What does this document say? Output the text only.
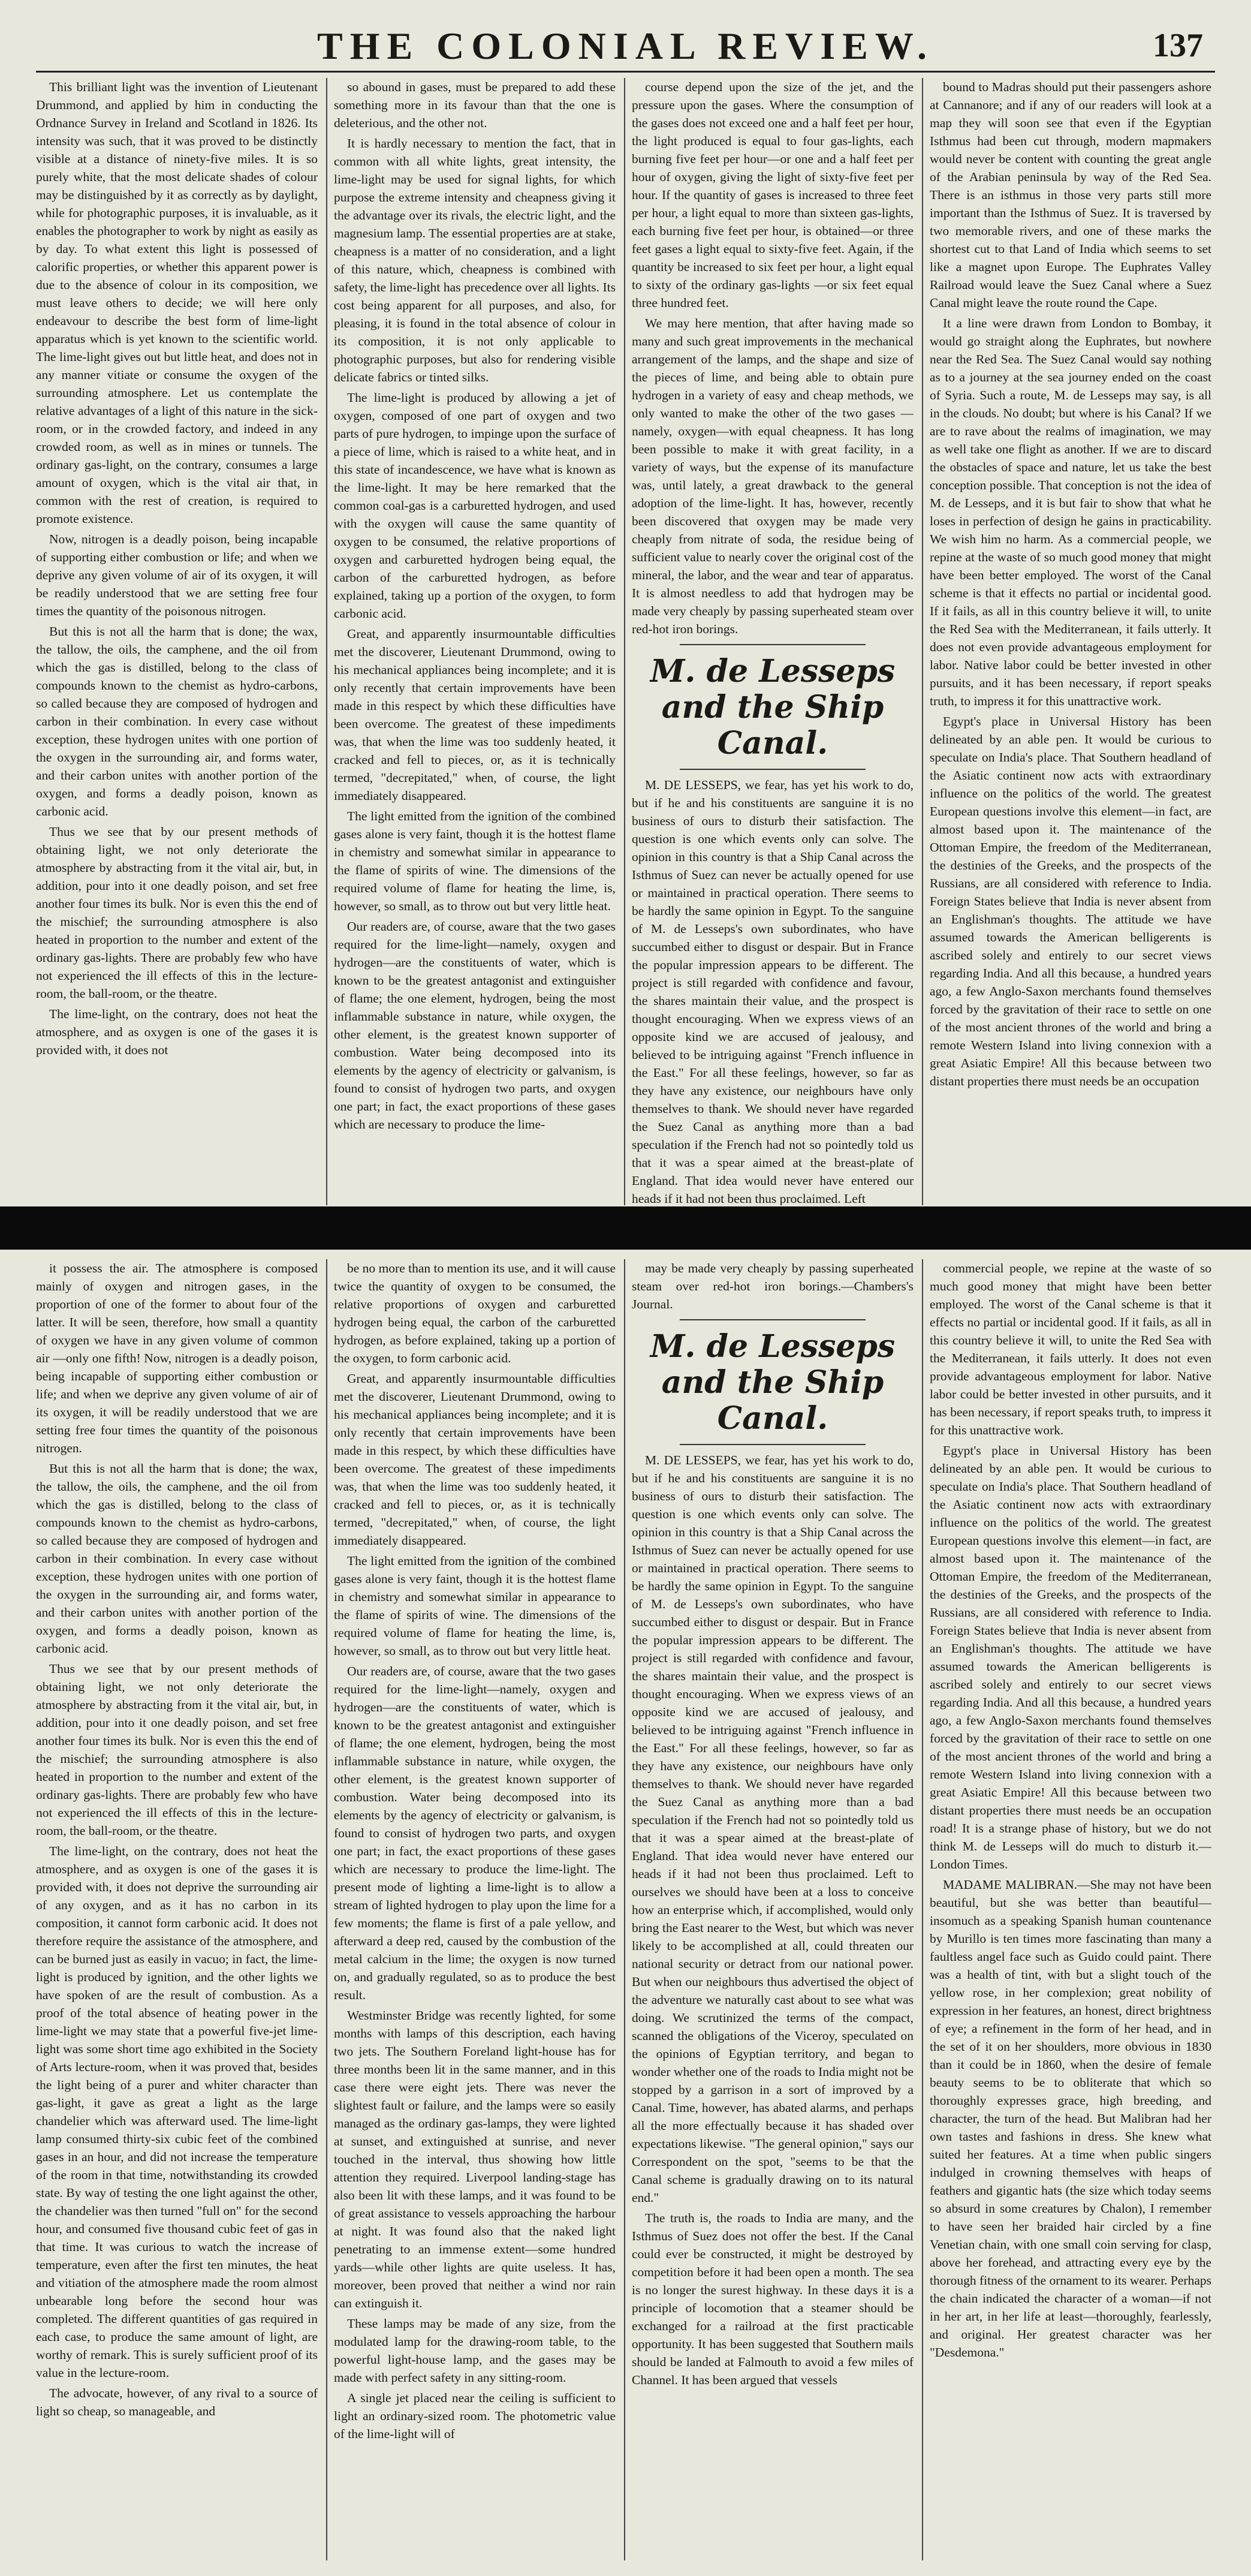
THE COLONIAL REVIEW.	137

This brilliant light was the invention of Lieutenant Drummond, and applied by him in conducting the Ordnance Survey in Ireland and Scotland in 1826. Its intensity was such, that it was proved to be distinctly visible at a distance of ninety-five miles. It is so purely white, that the most delicate shades of colour may be distinguished by it as correctly as by daylight, while for photographic purposes, it is invaluable, as it enables the photographer to work by night as easily as by day. To what extent this light is possessed of calorific properties, or whether this apparent power is due to the absence of colour in its composition, we must leave others to decide; we will here only endeavour to describe the best form of lime-light apparatus which is yet known to the scientific world. The lime-light gives out but little heat, and does not in any manner vitiate or consume the oxygen of the surrounding atmosphere. Let us contemplate the relative advantages of a light of this nature in the sick-room, or in the crowded factory, and indeed in any crowded room, as well as in mines or tunnels. The ordinary gas-light, on the contrary, consumes a large amount of oxygen, which is the vital air that, in common with the rest of creation, is required to promote existence.

Now, nitrogen is a deadly poison, being incapable of supporting either combustion or life; and when we deprive any given volume of air of its oxygen, it will be readily understood that we are setting free four times the quantity of the poisonous nitrogen.

But this is not all the harm that is done; the wax, the tallow, the oils, the camphene, and the oil from which the gas is distilled, belong to the class of compounds known to the chemist as hydro-carbons, so called because they are composed of hydrogen and carbon in their combination. In every case without exception, these hydrogen unites with one portion of the oxygen in the surrounding air, and forms water, and their carbon unites with another portion of the oxygen, and forms a deadly poison, known as carbonic acid.

Thus we see that by our present methods of obtaining light, we not only deteriorate the atmosphere by abstracting from it the vital air, but, in addition, pour into it one deadly poison, and set free another four times its bulk. Nor is even this the end of the mischief; the surrounding atmosphere is also heated in proportion to the number and extent of the ordinary gas-lights. There are probably few who have not experienced the ill effects of this in the lecture-room, the ball-room, or the theatre.

The lime-light, on the contrary, does not heat the atmosphere, and as oxygen is one of the gases it is provided with, it does not

so abound in gases, must be prepared to add these something more in its favour than that the one is deleterious, and the other not.

It is hardly necessary to mention the fact, that in common with all white lights, great intensity, the lime-light may be used for signal lights, for which purpose the extreme intensity and cheapness giving it the advantage over its rivals, the electric light, and the magnesium lamp. The essential properties are at stake, cheapness is a matter of no consideration, and a light of this nature, which, cheapness is combined with safety, the lime-light has precedence over all lights. Its cost being apparent for all purposes, and also, for pleasing, it is found in the total absence of colour in its composition, it is not only applicable to photographic purposes, but also for rendering visible delicate fabrics or tinted silks.

The lime-light is produced by allowing a jet of oxygen, composed of one part of oxygen and two parts of pure hydrogen, to impinge upon the surface of a piece of lime, which is raised to a white heat, and in this state of incandescence, we have what is known as the lime-light. It may be here remarked that the common coal-gas is a carburetted hydrogen, and used with the oxygen will cause the same quantity of oxygen to be consumed, the relative proportions of oxygen and carburetted hydrogen being equal, the carbon of the carburetted hydrogen, as before explained, taking up a portion of the oxygen, to form carbonic acid.

Great, and apparently insurmountable difficulties met the discoverer, Lieutenant Drummond, owing to his mechanical appliances being incomplete; and it is only recently that certain improvements have been made in this respect by which these difficulties have been overcome. The greatest of these impediments was, that when the lime was too suddenly heated, it cracked and fell to pieces, or, as it is technically termed, "decrepitated," when, of course, the light immediately disappeared.

The light emitted from the ignition of the combined gases alone is very faint, though it is the hottest flame in chemistry and somewhat similar in appearance to the flame of spirits of wine. The dimensions of the required volume of flame for heating the lime, is, however, so small, as to throw out but very little heat.

Our readers are, of course, aware that the two gases required for the lime-light—namely, oxygen and hydrogen—are the constituents of water, which is known to be the greatest antagonist and extinguisher of flame; the one element, hydrogen, being the most inflammable substance in nature, while oxygen, the other element, is the greatest known supporter of combustion. Water being decomposed into its elements by the agency of electricity or galvanism, is found to consist of hydrogen two parts, and oxygen one part; in fact, the exact proportions of these gases which are necessary to produce the lime-

course depend upon the size of the jet, and the pressure upon the gases. Where the consumption of the gases does not exceed one and a half feet per hour, the light produced is equal to four gas-lights, each burning five feet per hour—or one and a half feet per hour of oxygen, giving the light of sixty-five feet per hour. If the quantity of gases is increased to three feet per hour, a light equal to more than sixteen gas-lights, each burning five feet per hour, is obtained—or three feet gases a light equal to sixty-five feet. Again, if the quantity be increased to six feet per hour, a light equal to sixty of the ordinary gas-lights —or six feet equal three hundred feet.

We may here mention, that after having made so many and such great improvements in the mechanical arrangement of the lamps, and the shape and size of the pieces of lime, and being able to obtain pure hydrogen in a variety of easy and cheap methods, we only wanted to make the other of the two gases —namely, oxygen—with equal cheapness. It has long been possible to make it with great facility, in a variety of ways, but the expense of its manufacture was, until lately, a great drawback to the general adoption of the lime-light. It has, however, recently been discovered that oxygen may be made very cheaply from nitrate of soda, the residue being of sufficient value to nearly cover the original cost of the mineral, the labor, and the wear and tear of apparatus. It is almost needless to add that hydrogen may be made very cheaply by passing superheated steam over red-hot iron borings.

M. de Lesseps and the Ship Canal.

M. DE LESSEPS, we fear, has yet his work to do, but if he and his constituents are sanguine it is no business of ours to disturb their satisfaction. The question is one which events only can solve. The opinion in this country is that a Ship Canal across the Isthmus of Suez can never be actually opened for use or maintained in practical operation. There seems to be hardly the same opinion in Egypt. To the sanguine of M. de Lesseps's own subordinates, who have succumbed either to disgust or despair. But in France the popular impression appears to be different. The project is still regarded with confidence and favour, the shares maintain their value, and the prospect is thought encouraging. When we express views of an opposite kind we are accused of jealousy, and believed to be intriguing against "French influence in the East." For all these feelings, however, so far as they have any existence, our neighbours have only themselves to thank. We should never have regarded the Suez Canal as anything more than a bad speculation if the French had not so pointedly told us that it was a spear aimed at the breast-plate of England. That idea would never have entered our heads if it had not been thus proclaimed. Left

bound to Madras should put their passengers ashore at Cannanore; and if any of our readers will look at a map they will soon see that even if the Egyptian Isthmus had been cut through, modern mapmakers would never be content with counting the great angle of the Arabian peninsula by way of the Red Sea. There is an isthmus in those very parts still more important than the Isthmus of Suez. It is traversed by two memorable rivers, and one of these marks the shortest cut to that Land of India which seems to set like a magnet upon Europe. The Euphrates Valley Railroad would leave the Suez Canal where a Suez Canal might leave the route round the Cape.

It a line were drawn from London to Bombay, it would go straight along the Euphrates, but nowhere near the Red Sea. The Suez Canal would say nothing as to a journey at the sea journey ended on the coast of Syria. Such a route, M. de Lesseps may say, is all in the clouds. No doubt; but where is his Canal? If we are to rave about the realms of imagination, we may as well take one flight as another. If we are to discard the obstacles of space and nature, let us take the best conception possible. That conception is not the idea of M. de Lesseps, and it is but fair to show that what he loses in perfection of design he gains in practicability. We wish him no harm. As a commercial people, we repine at the waste of so much good money that might have been better employed. The worst of the Canal scheme is that it effects no partial or incidental good. If it fails, as all in this country believe it will, to unite the Red Sea with the Mediterranean, it fails utterly. It does not even provide advantageous employment for labor. Native labor could be better invested in other pursuits, and it has been necessary, if report speaks truth, to impress it for this unattractive work.

Egypt's place in Universal History has been delineated by an able pen. It would be curious to speculate on India's place. That Southern headland of the Asiatic continent now acts with extraordinary influence on the politics of the world. The greatest European questions involve this element—in fact, are almost based upon it. The maintenance of the Ottoman Empire, the freedom of the Mediterranean, the destinies of the Greeks, and the prospects of the Russians, are all considered with reference to India. Foreign States believe that India is never absent from an Englishman's thoughts. The attitude we have assumed towards the American belligerents is ascribed solely and entirely to our secret views regarding India. And all this because, a hundred years ago, a few Anglo-Saxon merchants found themselves forced by the gravitation of their race to settle on one of the most ancient thrones of the world and bring a remote Western Island into living connexion with a great Asiatic Empire! All this because between two distant properties there must needs be an occupation

it possess the air. The atmosphere is composed mainly of oxygen and nitrogen gases, in the proportion of one of the former to about four of the latter. It will be seen, therefore, how small a quantity of oxygen we have in any given volume of common air —only one fifth! Now, nitrogen is a deadly poison, being incapable of supporting either combustion or life; and when we deprive any given volume of air of its oxygen, it will be readily understood that we are setting free four times the quantity of the poisonous nitrogen.

But this is not all the harm that is done; the wax, the tallow, the oils, the camphene, and the oil from which the gas is distilled, belong to the class of compounds known to the chemist as hydro-carbons, so called because they are composed of hydrogen and carbon in their combination. In every case without exception, these hydrogen unites with one portion of the oxygen in the surrounding air, and forms water, and their carbon unites with another portion of the oxygen, and forms a deadly poison, known as carbonic acid.

Thus we see that by our present methods of obtaining light, we not only deteriorate the atmosphere by abstracting from it the vital air, but, in addition, pour into it one deadly poison, and set free another four times its bulk. Nor is even this the end of the mischief; the surrounding atmosphere is also heated in proportion to the number and extent of the ordinary gas-lights. There are probably few who have not experienced the ill effects of this in the lecture-room, the ball-room, or the theatre.

The lime-light, on the contrary, does not heat the atmosphere, and as oxygen is one of the gases it is provided with, it does not deprive the surrounding air of any oxygen, and as it has no carbon in its composition, it cannot form carbonic acid. It does not therefore require the assistance of the atmosphere, and can be burned just as easily in vacuo; in fact, the lime-light is produced by ignition, and the other lights we have spoken of are the result of combustion. As a proof of the total absence of heating power in the lime-light we may state that a powerful five-jet lime-light was some short time ago exhibited in the Society of Arts lecture-room, when it was proved that, besides the light being of a purer and whiter character than gas-light, it gave as great a light as the large chandelier which was afterward used. The lime-light lamp consumed thirty-six cubic feet of the combined gases in an hour, and did not increase the temperature of the room in that time, notwithstanding its crowded state. By way of testing the one light against the other, the chandelier was then turned "full on" for the second hour, and consumed five thousand cubic feet of gas in that time. It was curious to watch the increase of temperature, even after the first ten minutes, the heat and vitiation of the atmosphere made the room almost unbearable long before the second hour was completed. The different quantities of gas required in each case, to produce the same amount of light, are worthy of remark. This is surely sufficient proof of its value in the lecture-room.

The advocate, however, of any rival to a source of light so cheap, so manageable, and

be no more than to mention its use, and it will cause twice the quantity of oxygen to be consumed, the relative proportions of oxygen and carburetted hydrogen being equal, the carbon of the carburetted hydrogen, as before explained, taking up a portion of the oxygen, to form carbonic acid.

Great, and apparently insurmountable difficulties met the discoverer, Lieutenant Drummond, owing to his mechanical appliances being incomplete; and it is only recently that certain improvements have been made in this respect, by which these difficulties have been overcome. The greatest of these impediments was, that when the lime was too suddenly heated, it cracked and fell to pieces, or, as it is technically termed, "decrepitated," when, of course, the light immediately disappeared.

The light emitted from the ignition of the combined gases alone is very faint, though it is the hottest flame in chemistry and somewhat similar in appearance to the flame of spirits of wine. The dimensions of the required volume of flame for heating the lime, is, however, so small, as to throw out but very little heat.

Our readers are, of course, aware that the two gases required for the lime-light—namely, oxygen and hydrogen—are the constituents of water, which is known to be the greatest antagonist and extinguisher of flame; the one element, hydrogen, being the most inflammable substance in nature, while oxygen, the other element, is the greatest known supporter of combustion. Water being decomposed into its elements by the agency of electricity or galvanism, is found to consist of hydrogen two parts, and oxygen one part; in fact, the exact proportions of these gases which are necessary to produce the lime-light. The present mode of lighting a lime-light is to allow a stream of lighted hydrogen to play upon the lime for a few moments; the flame is first of a pale yellow, and afterward a deep red, caused by the combustion of the metal calcium in the lime; the oxygen is now turned on, and gradually regulated, so as to produce the best result.

Westminster Bridge was recently lighted, for some months with lamps of this description, each having two jets. The Southern Foreland light-house has for three months been lit in the same manner, and in this case there were eight jets. There was never the slightest fault or failure, and the lamps were so easily managed as the ordinary gas-lamps, they were lighted at sunset, and extinguished at sunrise, and never touched in the interval, thus showing how little attention they required. Liverpool landing-stage has also been lit with these lamps, and it was found to be of great assistance to vessels approaching the harbour at night. It was found also that the naked light penetrating to an immense extent—some hundred yards—while other lights are quite useless. It has, moreover, been proved that neither a wind nor rain can extinguish it.

These lamps may be made of any size, from the modulated lamp for the drawing-room table, to the powerful light-house lamp, and the gases may be made with perfect safety in any sitting-room.

A single jet placed near the ceiling is sufficient to light an ordinary-sized room. The photometric value of the lime-light will of

may be made very cheaply by passing superheated steam over red-hot iron borings.—Chambers's Journal.

M. de Lesseps and the Ship Canal.

M. DE LESSEPS, we fear, has yet his work to do, but if he and his constituents are sanguine it is no business of ours to disturb their satisfaction. The question is one which events only can solve. The opinion in this country is that a Ship Canal across the Isthmus of Suez can never be actually opened for use or maintained in practical operation. There seems to be hardly the same opinion in Egypt. To the sanguine of M. de Lesseps's own subordinates, who have succumbed either to disgust or despair. But in France the popular impression appears to be different. The project is still regarded with confidence and favour, the shares maintain their value, and the prospect is thought encouraging. When we express views of an opposite kind we are accused of jealousy, and believed to be intriguing against "French influence in the East." For all these feelings, however, so far as they have any existence, our neighbours have only themselves to thank. We should never have regarded the Suez Canal as anything more than a bad speculation if the French had not so pointedly told us that it was a spear aimed at the breast-plate of England. That idea would never have entered our heads if it had not been thus proclaimed. Left to ourselves we should have been at a loss to conceive how an enterprise which, if accomplished, would only bring the East nearer to the West, but which was never likely to be accomplished at all, could threaten our national security or detract from our national power. But when our neighbours thus advertised the object of the adventure we naturally cast about to see what was doing. We scrutinized the terms of the compact, scanned the obligations of the Viceroy, speculated on the opinions of Egyptian territory, and began to wonder whether one of the roads to India might not be stopped by a garrison in a sort of improved by a Canal. Time, however, has abated alarms, and perhaps all the more effectually because it has shaded over expectations likewise. "The general opinion," says our Correspondent on the spot, "seems to be that the Canal scheme is gradually drawing on to its natural end."

The truth is, the roads to India are many, and the Isthmus of Suez does not offer the best. If the Canal could ever be constructed, it might be destroyed by competition before it had been open a month. The sea is no longer the surest highway. In these days it is a principle of locomotion that a steamer should be exchanged for a railroad at the first practicable opportunity. It has been suggested that Southern mails should be landed at Falmouth to avoid a few miles of Channel. It has been argued that vessels

commercial people, we repine at the waste of so much good money that might have been better employed. The worst of the Canal scheme is that it effects no partial or incidental good. If it fails, as all in this country believe it will, to unite the Red Sea with the Mediterranean, it fails utterly. It does not even provide advantageous employment for labor. Native labor could be better invested in other pursuits, and it has been necessary, if report speaks truth, to impress it for this unattractive work.

Egypt's place in Universal History has been delineated by an able pen. It would be curious to speculate on India's place. That Southern headland of the Asiatic continent now acts with extraordinary influence on the politics of the world. The greatest European questions involve this element—in fact, are almost based upon it. The maintenance of the Ottoman Empire, the freedom of the Mediterranean, the destinies of the Greeks, and the prospects of the Russians, are all considered with reference to India. Foreign States believe that India is never absent from an Englishman's thoughts. The attitude we have assumed towards the American belligerents is ascribed solely and entirely to our secret views regarding India. And all this because, a hundred years ago, a few Anglo-Saxon merchants found themselves forced by the gravitation of their race to settle on one of the most ancient thrones of the world and bring a remote Western Island into living connexion with a great Asiatic Empire! All this because between two distant properties there must needs be an occupation road! It is a strange phase of history, but we do not think M. de Lesseps will do much to disturb it.—London Times.

MADAME MALIBRAN.—She may not have been beautiful, but she was better than beautiful—insomuch as a speaking Spanish human countenance by Murillo is ten times more fascinating than many a faultless angel face such as Guido could paint. There was a health of tint, with but a slight touch of the yellow rose, in her complexion; great nobility of expression in her features, an honest, direct brightness of eye; a refinement in the form of her head, and in the set of it on her shoulders, more obvious in 1830 than it could be in 1860, when the desire of female beauty seems to be to obliterate that which so thoroughly expresses grace, high breeding, and character, the turn of the head. But Malibran had her own tastes and fashions in dress. She knew what suited her features. At a time when public singers indulged in crowning themselves with heaps of feathers and gigantic hats (the size which today seems so absurd in some creatures by Chalon), I remember to have seen her braided hair circled by a fine Venetian chain, with one small coin serving for clasp, above her forehead, and attracting every eye by the thorough fitness of the ornament to its wearer. Perhaps the chain indicated the character of a woman—if not in her art, in her life at least—thoroughly, fearlessly, and original. Her greatest character was her "Desdemona."
